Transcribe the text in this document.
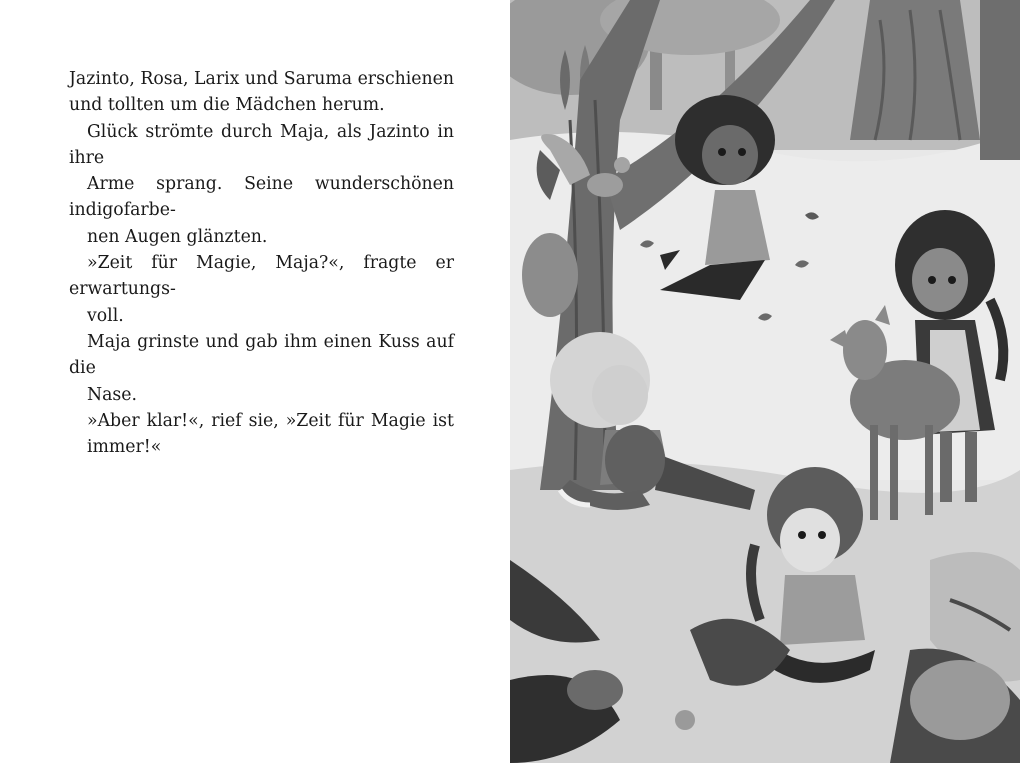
Jazinto, Rosa, Larix und Saruma erschienen
und tollten um die Mädchen herum.

Glück strömte durch Maja, als Jazinto in ihre
Arme sprang. Seine wunderschönen indigofarbe-
nen Augen glänzten.

»Zeit für Magie, Maja?«, fragte er erwartungs-
voll.

Maja grinste und gab ihm einen Kuss auf die
Nase.

»Aber klar!«, rief sie, »Zeit für Magie ist
immer!«
